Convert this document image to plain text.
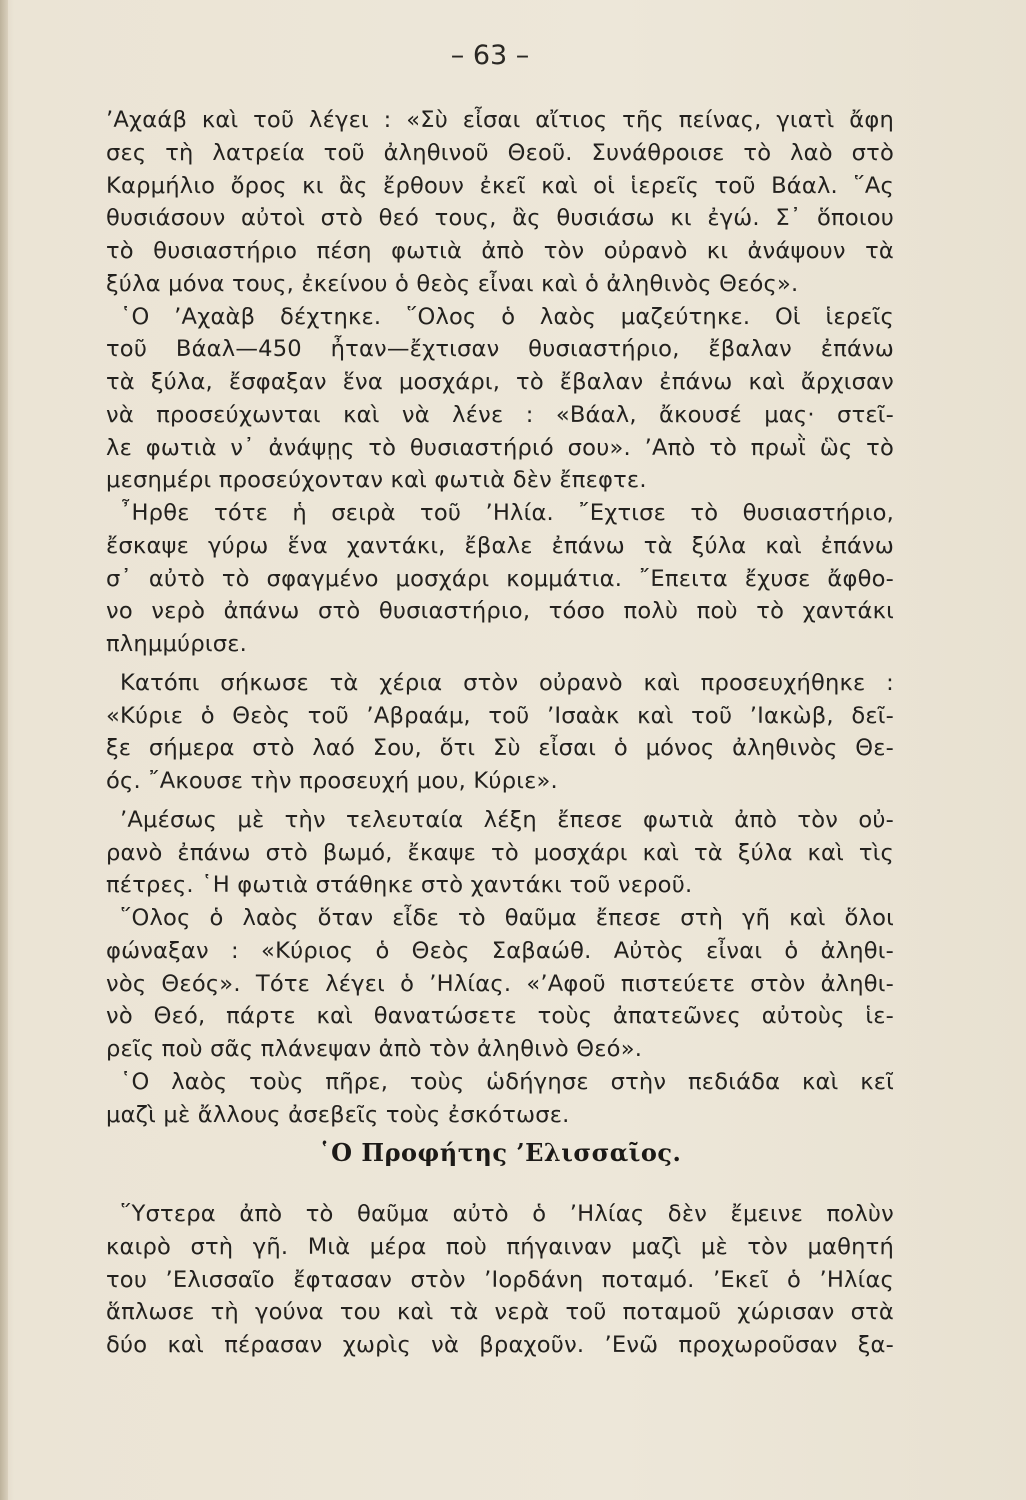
– 63 –
’Αχαάβ καὶ τοῦ λέγει : «Σὺ εἶσαι αἴτιος τῆς πείνας, γιατὶ ἄφη
σες τὴ λατρεία τοῦ ἀληθινοῦ Θεοῦ. Συνάθροισε τὸ λαὸ στὸ
Καρμήλιο ὄρος κι ἂς ἔρθουν ἐκεῖ καὶ οἱ ἱερεῖς τοῦ Βάαλ. ῞Ας
θυσιάσουν αὐτοὶ στὸ θεό τους, ἂς θυσιάσω κι ἐγώ. Σ᾽ ὅποιου
τὸ θυσιαστήριο πέση φωτιὰ ἀπὸ τὸν οὐρανὸ κι ἀνάψουν τὰ
ξύλα μόνα τους, ἐκείνου ὁ θεὸς εἶναι καὶ ὁ ἀληθινὸς Θεός».
῾Ο ’Αχαὰβ δέχτηκε. ῞Ολος ὁ λαὸς μαζεύτηκε. Οἱ ἱερεῖς
τοῦ Βάαλ—450 ἦταν—ἔχτισαν θυσιαστήριο, ἔβαλαν ἐπάνω
τὰ ξύλα, ἔσφαξαν ἕνα μοσχάρι, τὸ ἔβαλαν ἐπάνω καὶ ἄρχισαν
νὰ προσεύχωνται καὶ νὰ λένε : «Βάαλ, ἄκουσέ μας· στεῖ-
λε φωτιὰ ν᾽ ἀνάψῃς τὸ θυσιαστήριό σου». ’Απὸ τὸ πρωῒ ὣς τὸ
μεσημέρι προσεύχονταν καὶ φωτιὰ δὲν ἔπεφτε.
῏Ηρθε τότε ἡ σειρὰ τοῦ ’Ηλία. ῎Εχτισε τὸ θυσιαστήριο,
ἔσκαψε γύρω ἕνα χαντάκι, ἔβαλε ἐπάνω τὰ ξύλα καὶ ἐπάνω
σ᾽ αὐτὸ τὸ σφαγμένο μοσχάρι κομμάτια. ῎Επειτα ἔχυσε ἄφθο-
νο νερὸ ἀπάνω στὸ θυσιαστήριο, τόσο πολὺ ποὺ τὸ χαντάκι
πλημμύρισε.
Κατόπι σήκωσε τὰ χέρια στὸν οὐρανὸ καὶ προσευχήθηκε :
«Κύριε ὁ Θεὸς τοῦ ’Αβραάμ, τοῦ ’Ισαὰκ καὶ τοῦ ’Ιακὼβ, δεῖ-
ξε σήμερα στὸ λαό Σου, ὅτι Σὺ εἶσαι ὁ μόνος ἀληθινὸς Θε-
ός. ῎Ακουσε τὴν προσευχή μου, Κύριε».
’Αμέσως μὲ τὴν τελευταία λέξη ἔπεσε φωτιὰ ἀπὸ τὸν οὐ-
ρανὸ ἐπάνω στὸ βωμό, ἔκαψε τὸ μοσχάρι καὶ τὰ ξύλα καὶ τὶς
πέτρες. ῾Η φωτιὰ στάθηκε στὸ χαντάκι τοῦ νεροῦ.
῞Ολος ὁ λαὸς ὅταν εἶδε τὸ θαῦμα ἔπεσε στὴ γῆ καὶ ὅλοι
φώναξαν : «Κύριος ὁ Θεὸς Σαβαώθ. Αὐτὸς εἶναι ὁ ἀληθι-
νὸς Θεός». Τότε λέγει ὁ ’Ηλίας. «’Αφοῦ πιστεύετε στὸν ἀληθι-
νὸ Θεό, πάρτε καὶ θανατώσετε τοὺς ἀπατεῶνες αὐτοὺς ἱε-
ρεῖς ποὺ σᾶς πλάνεψαν ἀπὸ τὸν ἀληθινὸ Θεό».
῾Ο λαὸς τοὺς πῆρε, τοὺς ὡδήγησε στὴν πεδιάδα καὶ κεῖ
μαζὶ μὲ ἄλλους ἀσεβεῖς τοὺς ἐσκότωσε.
῾Ο Προφήτης ’Ελισσαῖος.
῞Υστερα ἀπὸ τὸ θαῦμα αὐτὸ ὁ ’Ηλίας δὲν ἔμεινε πολὺν
καιρὸ στὴ γῆ. Μιὰ μέρα ποὺ πήγαιναν μαζὶ μὲ τὸν μαθητή
του ’Ελισσαῖο ἔφτασαν στὸν ’Ιορδάνη ποταμό. ’Εκεῖ ὁ ’Ηλίας
ἅπλωσε τὴ γούνα του καὶ τὰ νερὰ τοῦ ποταμοῦ χώρισαν στὰ
δύο καὶ πέρασαν χωρὶς νὰ βραχοῦν. ’Ενῶ προχωροῦσαν ξα-
